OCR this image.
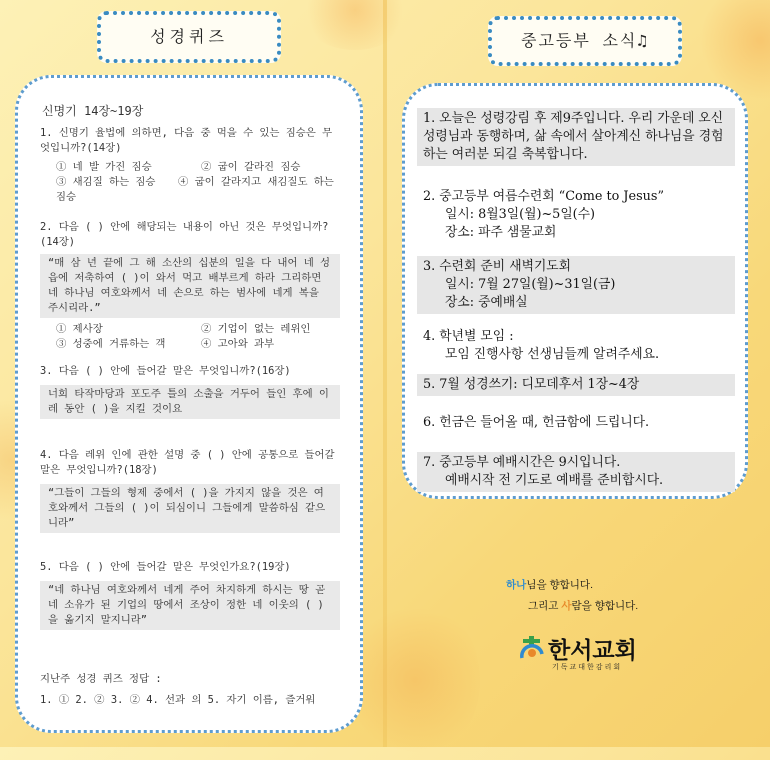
성경퀴즈
신명기 14장~19장
1. 신명기 율법에 의하면, 다음 중 먹을 수 있는 짐승은 무엇입니까?(14장)
① 네 발 가진 짐승	② 굽이 갈라진 짐승
③ 새김질 하는 짐승 ④ 굽이 갈라지고 새김질도 하는 짐승
2. 다음 ( ) 안에 해당되는 내용이 아닌 것은 무엇입니까?(14장)
“매 삼 년 끝에 그 해 소산의 십분의 일을 다 내어 네 성읍에 저축하여 ( )이 와서 먹고 배부르게 하라 그리하면 네 하나님 여호와께서 네 손으로 하는 범사에 네게 복을 주시리라.”
① 제사장	② 기업이 없는 레위인
③ 성중에 거류하는 객	④ 고아와 과부
3. 다음 ( ) 안에 들어갈 말은 무엇입니까?(16장)
너희 타작마당과 포도주 틀의 소출을 거두어 들인 후에 이레 동안 ( )을 지킬 것이요
4. 다음 레위 인에 관한 설명 중 ( ) 안에 공통으로 들어갈 말은 무엇입니까?(18장)
“그들이 그들의 형제 중에서 ( )을 가지지 않을 것은 여호와께서 그들의 ( )이 되심이니 그들에게 말씀하심 같으니라”
5. 다음 ( ) 안에 들어갈 말은 무엇인가요?(19장)
“네 하나님 여호와께서 네게 주어 차지하게 하시는 땅 곧 네 소유가 된 기업의 땅에서 조상이 정한 네 이웃의 ( )을 옮기지 말지니라”
지난주 성경 퀴즈 정답 :
1. ① 2. ② 3. ② 4. 선과 의 5. 자기 이름, 즐거워
중고등부 소식♫
1. 오늘은 성령강림 후 제9주입니다. 우리 가운데 오신 성령님과 동행하며, 삶 속에서 살아계신 하나님을 경험하는 여러분 되길 축복합니다.
2. 중고등부 여름수련회 “Come to Jesus”
일시: 8월3일(월)~5일(수)
장소: 파주 샘물교회
3. 수련회 준비 새벽기도회
일시: 7월 27일(월)~31일(금)
장소: 중예배실
4. 학년별 모임 :
모임 진행사항 선생님들께 알려주세요.
5. 7월 성경쓰기: 디모데후서 1장~4장
6. 헌금은 들어올 때, 헌금함에 드립니다.
7. 중고등부 예배시간은 9시입니다.
예배시작 전 기도로 예배를 준비합시다.
하나님을 향합니다.
그리고 사람을 향합니다.
한서교회
기독교대한감리회
